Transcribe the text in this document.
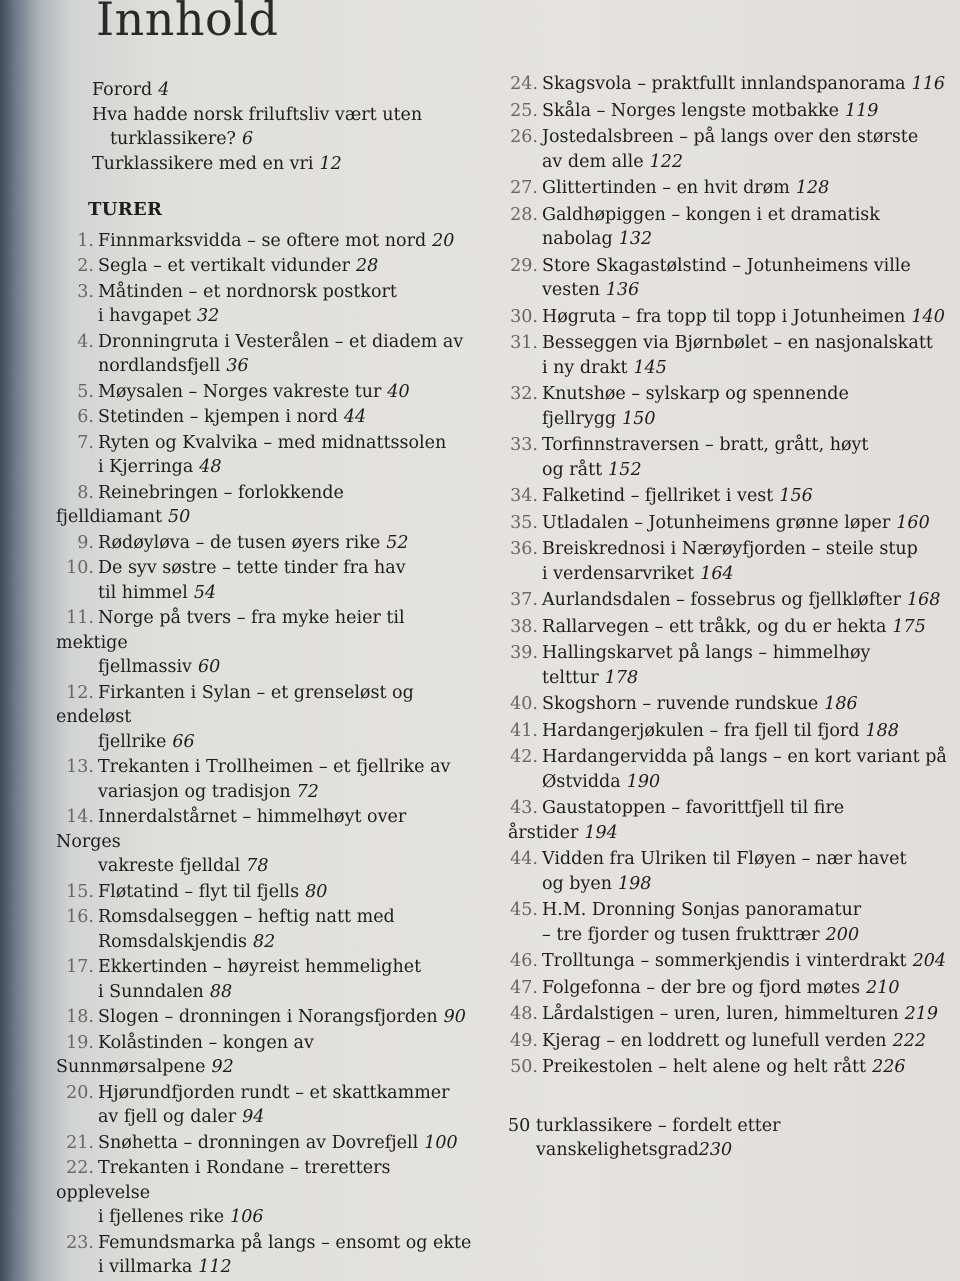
Innhold
Forord 4
Hva hadde norsk friluftsliv vært uten
turklassikere? 6
Turklassikere med en vri 12
TURER
1. Finnmarksvidda – se oftere mot nord 20
2. Segla – et vertikalt vidunder 28
3. Måtinden – et nordnorsk postkort
i havgapet 32
4. Dronningruta i Vesterålen – et diadem av
nordlandsfjell 36
5. Møysalen – Norges vakreste tur 40
6. Stetinden – kjempen i nord 44
7. Ryten og Kvalvika – med midnattssolen
i Kjerringa 48
8. Reinebringen – forlokkende fjelldiamant 50
9. Rødøyløva – de tusen øyers rike 52
10. De syv søstre – tette tinder fra hav
til himmel 54
11. Norge på tvers – fra myke heier til mektige
fjellmassiv 60
12. Firkanten i Sylan – et grenseløst og endeløst
fjellrike 66
13. Trekanten i Trollheimen – et fjellrike av
variasjon og tradisjon 72
14. Innerdalstårnet – himmelhøyt over Norges
vakreste fjelldal 78
15. Fløtatind – flyt til fjells 80
16. Romsdalseggen – heftig natt med
Romsdalskjendis 82
17. Ekkertinden – høyreist hemmelighet
i Sunndalen 88
18. Slogen – dronningen i Norangsfjorden 90
19. Kolåstinden – kongen av Sunnmørsalpene 92
20. Hjørundfjorden rundt – et skattkammer
av fjell og daler 94
21. Snøhetta – dronningen av Dovrefjell 100
22. Trekanten i Rondane – treretters opplevelse
i fjellenes rike 106
23. Femundsmarka på langs – ensomt og ekte
i villmarka 112
24. Skagsvola – praktfullt innlandspanorama 116
25. Skåla – Norges lengste motbakke 119
26. Jostedalsbreen – på langs over den største
av dem alle 122
27. Glittertinden – en hvit drøm 128
28. Galdhøpiggen – kongen i et dramatisk
nabolag 132
29. Store Skagastølstind – Jotunheimens ville
vesten 136
30. Høgruta – fra topp til topp i Jotunheimen 140
31. Besseggen via Bjørnbølet – en nasjonalskatt
i ny drakt 145
32. Knutshøe – sylskarp og spennende
fjellrygg 150
33. Torfinnstraversen – bratt, grått, høyt
og rått 152
34. Falketind – fjellriket i vest 156
35. Utladalen – Jotunheimens grønne løper 160
36. Breiskrednosi i Nærøyfjorden – steile stup
i verdensarvriket 164
37. Aurlandsdalen – fossebrus og fjellkløfter 168
38. Rallarvegen – ett tråkk, og du er hekta 175
39. Hallingskarvet på langs – himmelhøy
telttur 178
40. Skogshorn – ruvende rundskue 186
41. Hardangerjøkulen – fra fjell til fjord 188
42. Hardangervidda på langs – en kort variant på
Østvidda 190
43. Gaustatoppen – favorittfjell til fire årstider 194
44. Vidden fra Ulriken til Fløyen – nær havet
og byen 198
45. H.M. Dronning Sonjas panoramatur
– tre fjorder og tusen frukttrær 200
46. Trolltunga – sommerkjendis i vinterdrakt 204
47. Folgefonna – der bre og fjord møtes 210
48. Lårdalstigen – uren, luren, himmelturen 219
49. Kjerag – en loddrett og lunefull verden 222
50. Preikestolen – helt alene og helt rått 226
50 turklassikere – fordelt etter
vanskelighetsgrad230
